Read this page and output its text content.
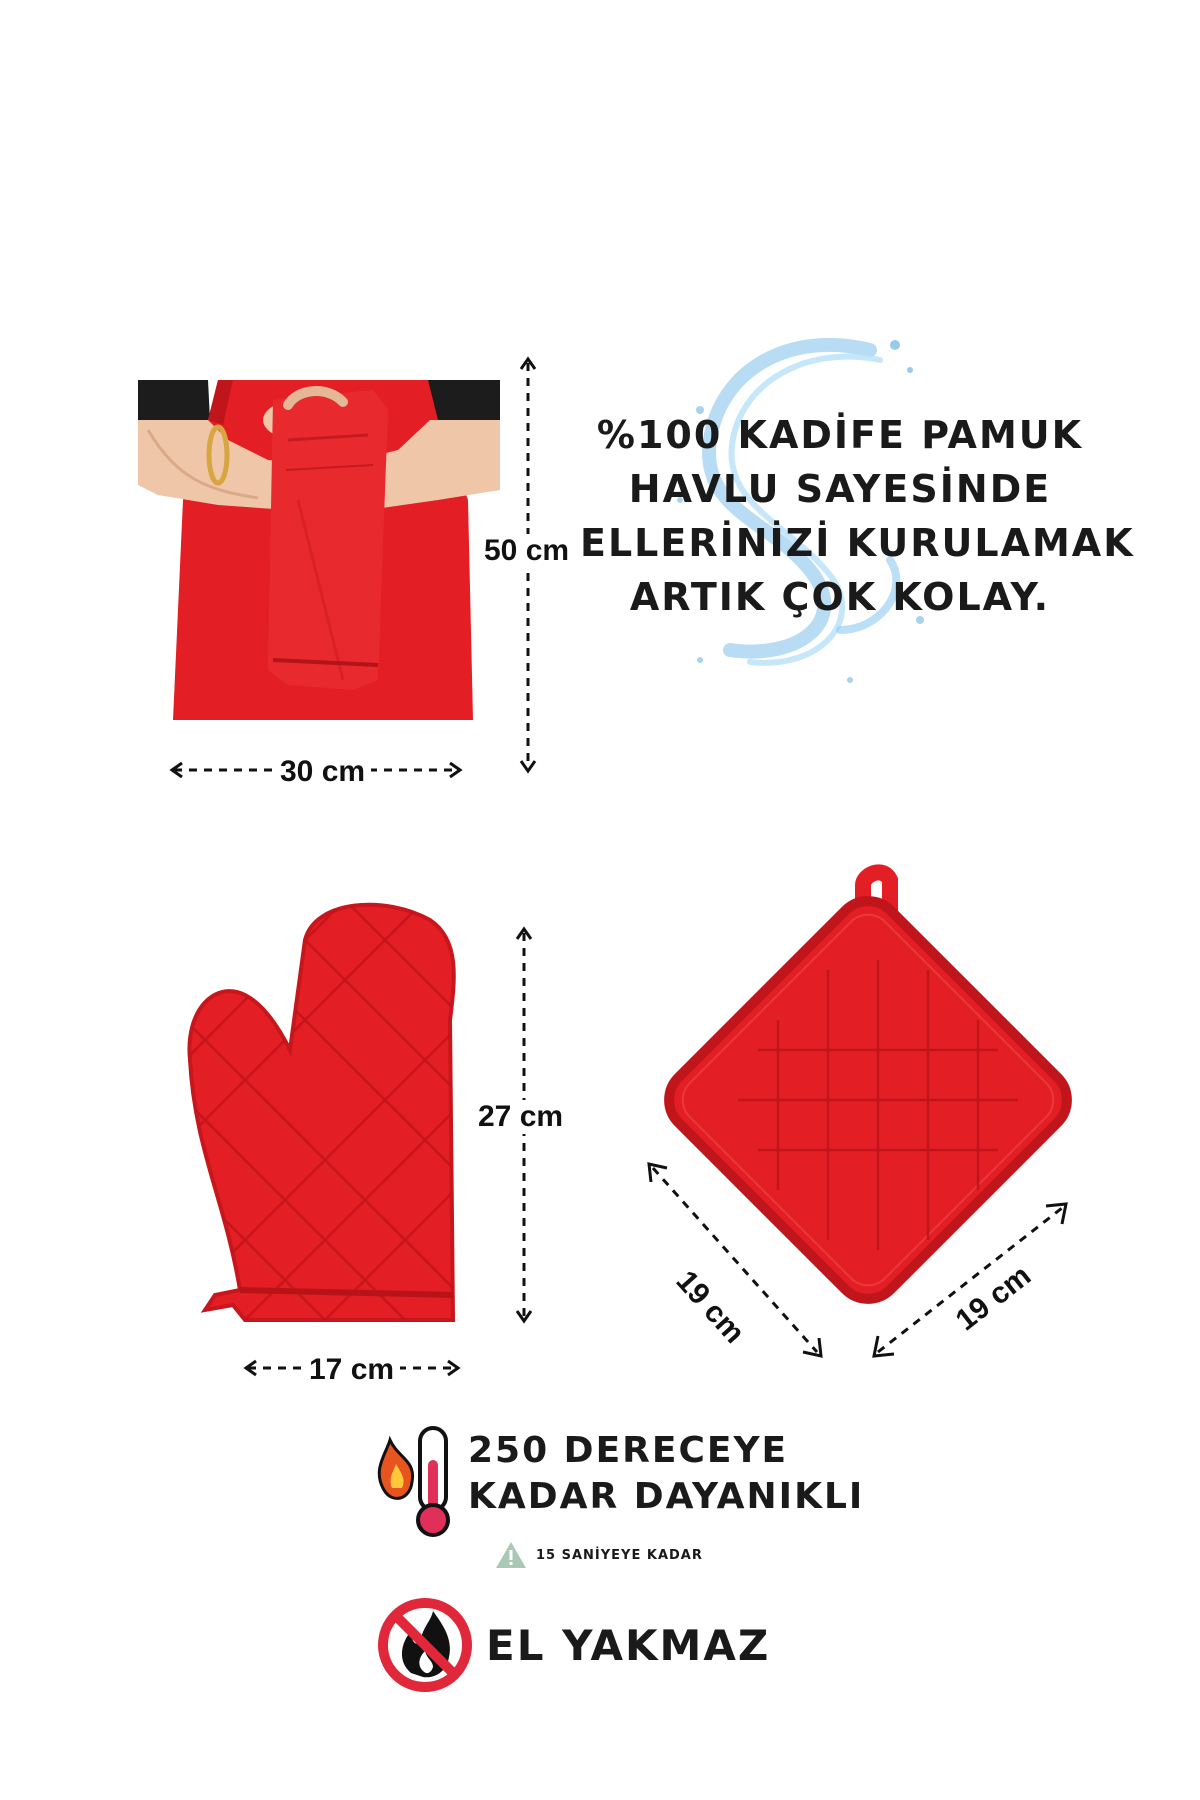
50 cm
30 cm
%100 KADİFE PAMUK
HAVLU SAYESİNDE
ELLERİNİZİ KURULAMAK
ARTIK ÇOK KOLAY.
27 cm
17 cm
19 cm	19 cm
250 DERECEYE
KADAR DAYANIKLI
15 SANİYEYE KADAR
EL YAKMAZ
